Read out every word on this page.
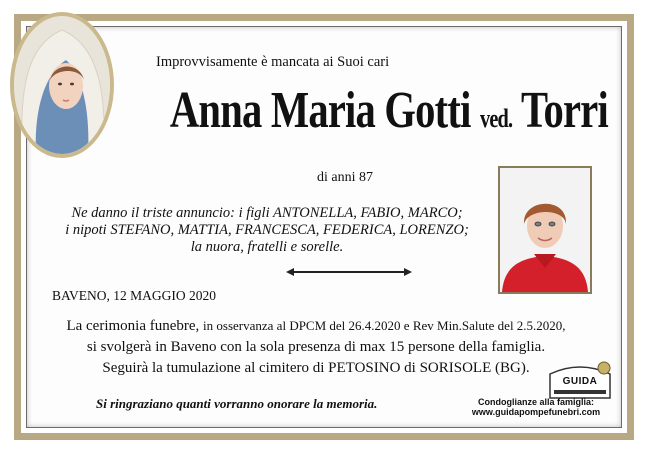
Improvvisamente è mancata ai Suoi cari
Anna Maria Gotti ved. Torri
di anni 87
Ne danno il triste annuncio: i figli ANTONELLA, FABIO, MARCO;
i nipoti STEFANO, MATTIA, FRANCESCA, FEDERICA, LORENZO;
la nuora, fratelli e sorelle.
BAVENO, 12 MAGGIO 2020
La cerimonia funebre, in osservanza al DPCM del 26.4.2020 e Rev Min.Salute del 2.5.2020,
si svolgerà in Baveno con la sola presenza di max 15 persone della famiglia.
Seguirà la tumulazione al cimitero di PETOSINO di SORISOLE (BG).
Si ringraziano quanti vorranno onorare la memoria.
GUIDA
Condoglianze alla famiglia:
www.guidapompefunebri.com
